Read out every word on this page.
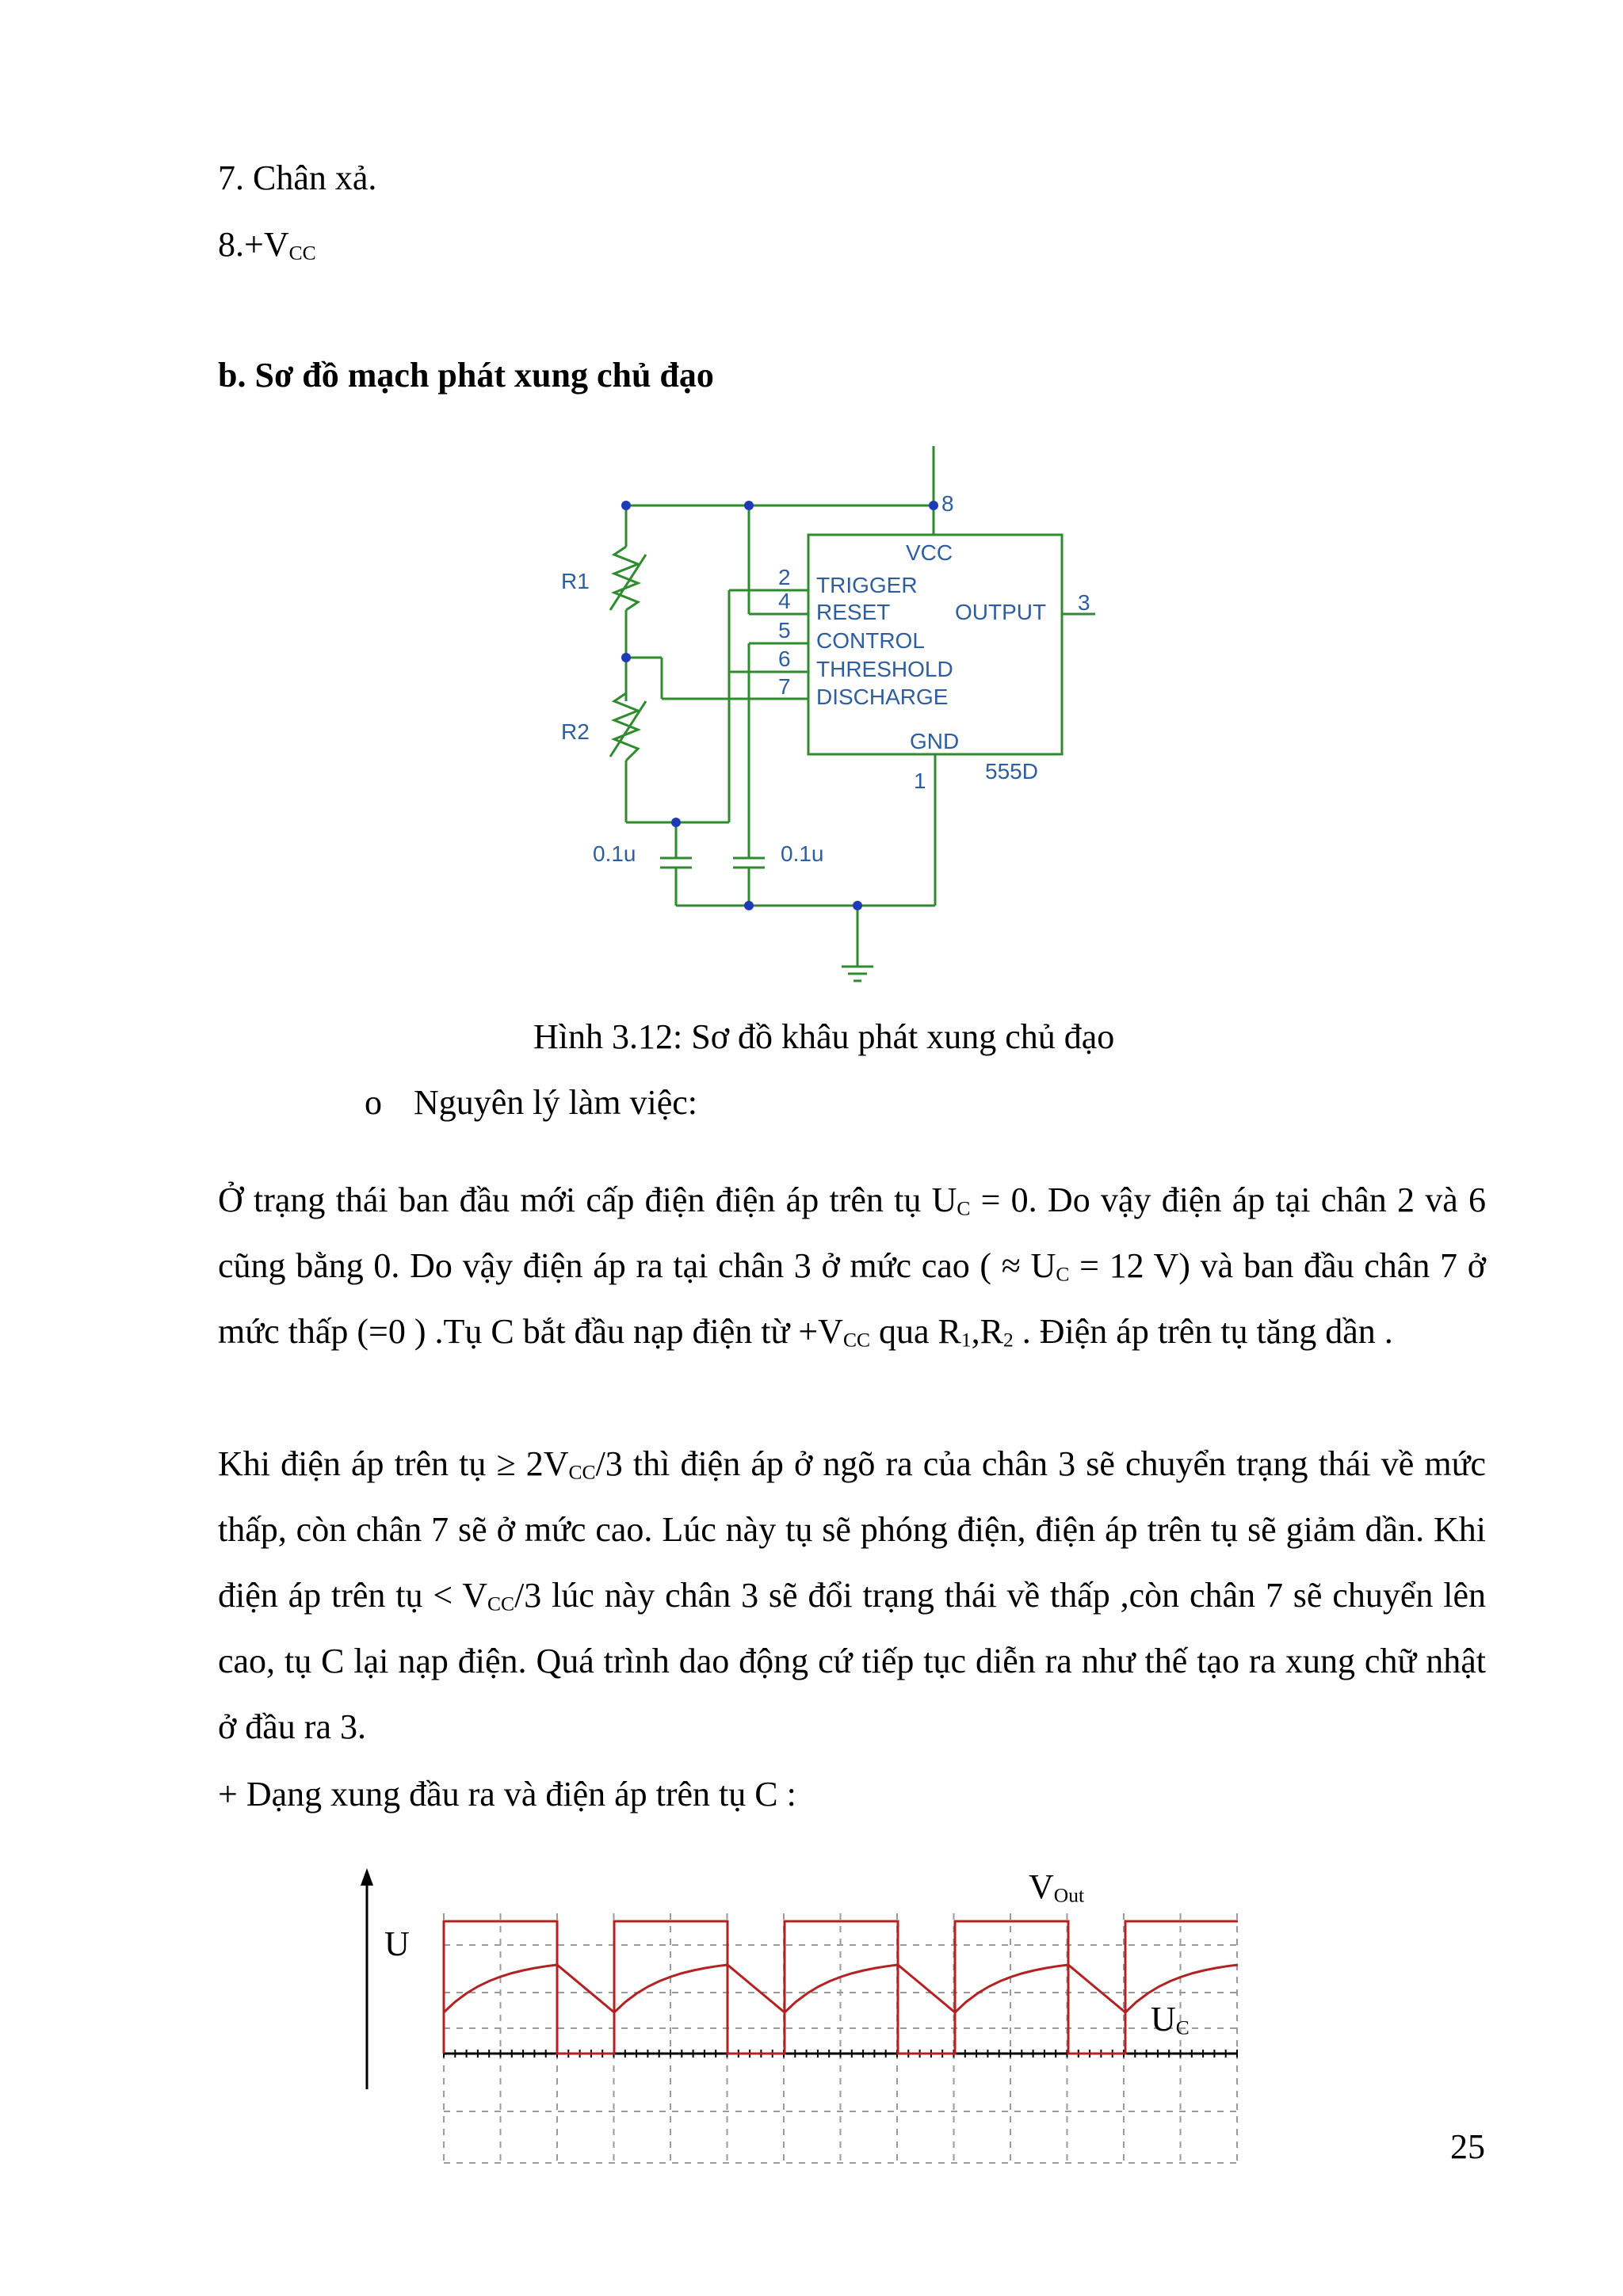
7. Chân xả.
$8.+V_{CC}$
b. Sơ đồ mạch phát xung chủ đạo
8
VCC
2 TRIGGER
4 RESET	OUTPUT 3
5 CONTROL
6 THRESHOLD
7 DISCHARGE
GND
1	555D
R1
R2
0.1u	0.1u
Hình 3.12: Sơ đồ khâu phát xung chủ đạo
o Nguyên lý làm việc:
Ở trạng thái ban đầu mới cấp điện điện áp trên tụ $U_C = 0$. Do vậy điện áp tại chân 2 và 6 cũng bằng 0. Do vậy điện áp ra tại chân 3 ở mức cao ( ≈ $U_C = 12$ V) và ban đầu chân 7 ở mức thấp (=0 ) .Tụ C bắt đầu nạp điện từ $+V_{CC}$ qua $R_1,R_2$ . Điện áp trên tụ tăng dần .
Khi điện áp trên tụ ≥ $2V_{CC}/3$ thì điện áp ở ngõ ra của chân 3 sẽ chuyển trạng thái về mức thấp, còn chân 7 sẽ ở mức cao. Lúc này tụ sẽ phóng điện, điện áp trên tụ sẽ giảm dần. Khi điện áp trên tụ < $V_{CC}/3$ lúc này chân 3 sẽ đổi trạng thái về thấp ,còn chân 7 sẽ chuyển lên cao, tụ C lại nạp điện. Quá trình dao động cứ tiếp tục diễn ra như thế tạo ra xung chữ nhật ở đầu ra 3.
+ Dạng xung đầu ra và điện áp trên tụ C :
U
$V_{Out}$
$U_C$
25
